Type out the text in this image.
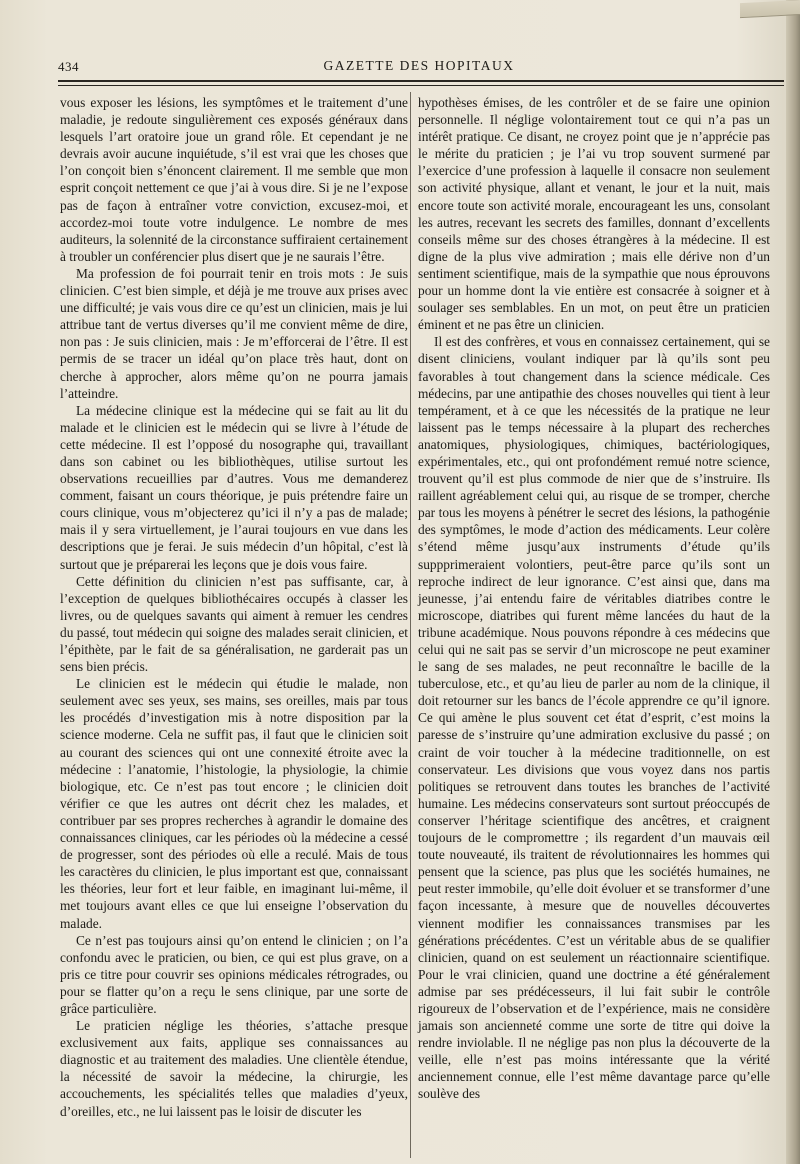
434	GAZETTE DES HOPITAUX

vous exposer les lésions, les symptômes et le traitement d’une maladie, je redoute singulièrement ces exposés généraux dans lesquels l’art oratoire joue un grand rôle. Et cependant je ne devrais avoir aucune inquiétude, s’il est vrai que les choses que l’on conçoit bien s’énoncent clairement. Il me semble que mon esprit conçoit nettement ce que j’ai à vous dire. Si je ne l’expose pas de façon à entraîner votre conviction, excusez-moi, et accordez-moi toute votre indulgence. Le nombre de mes auditeurs, la solennité de la circonstance suffiraient certainement à troubler un conférencier plus disert que je ne saurais l’être.

Ma profession de foi pourrait tenir en trois mots : Je suis clinicien. C’est bien simple, et déjà je me trouve aux prises avec une difficulté; je vais vous dire ce qu’est un clinicien, mais je lui attribue tant de vertus diverses qu’il me convient même de dire, non pas : Je suis clinicien, mais : Je m’efforcerai de l’être. Il est permis de se tracer un idéal qu’on place très haut, dont on cherche à approcher, alors même qu’on ne pourra jamais l’atteindre.

La médecine clinique est la médecine qui se fait au lit du malade et le clinicien est le médecin qui se livre à l’étude de cette médecine. Il est l’opposé du nosographe qui, travaillant dans son cabinet ou les bibliothèques, utilise surtout les observations recueillies par d’autres. Vous me demanderez comment, faisant un cours théorique, je puis prétendre faire un cours clinique, vous m’objecterez qu’ici il n’y a pas de malade; mais il y sera virtuellement, je l’aurai toujours en vue dans les descriptions que je ferai. Je suis médecin d’un hôpital, c’est là surtout que je préparerai les leçons que je dois vous faire.

Cette définition du clinicien n’est pas suffisante, car, à l’exception de quelques bibliothécaires occupés à classer les livres, ou de quelques savants qui aiment à remuer les cendres du passé, tout médecin qui soigne des malades serait clinicien, et l’épithète, par le fait de sa généralisation, ne garderait pas un sens bien précis.

Le clinicien est le médecin qui étudie le malade, non seulement avec ses yeux, ses mains, ses oreilles, mais par tous les procédés d’investigation mis à notre disposition par la science moderne. Cela ne suffit pas, il faut que le clinicien soit au courant des sciences qui ont une connexité étroite avec la médecine : l’anatomie, l’histologie, la physiologie, la chimie biologique, etc. Ce n’est pas tout encore ; le clinicien doit vérifier ce que les autres ont décrit chez les malades, et contribuer par ses propres recherches à agrandir le domaine des connaissances cliniques, car les périodes où la médecine a cessé de progresser, sont des périodes où elle a reculé. Mais de tous les caractères du clinicien, le plus important est que, connaissant les théories, leur fort et leur faible, en imaginant lui-même, il met toujours avant elles ce que lui enseigne l’observation du malade.

Ce n’est pas toujours ainsi qu’on entend le clinicien ; on l’a confondu avec le praticien, ou bien, ce qui est plus grave, on a pris ce titre pour couvrir ses opinions médicales rétrogrades, ou pour se flatter qu’on a reçu le sens clinique, par une sorte de grâce particulière.

Le praticien néglige les théories, s’attache presque exclusivement aux faits, applique ses connaissances au diagnostic et au traitement des maladies. Une clientèle étendue, la nécessité de savoir la médecine, la chirurgie, les accouchements, les spécialités telles que maladies d’yeux, d’oreilles, etc., ne lui laissent pas le loisir de discuter les

hypothèses émises, de les contrôler et de se faire une opinion personnelle. Il néglige volontairement tout ce qui n’a pas un intérêt pratique. Ce disant, ne croyez point que je n’apprécie pas le mérite du praticien ; je l’ai vu trop souvent surmené par l’exercice d’une profession à laquelle il consacre non seulement son activité physique, allant et venant, le jour et la nuit, mais encore toute son activité morale, encourageant les uns, consolant les autres, recevant les secrets des familles, donnant d’excellents conseils même sur des choses étrangères à la médecine. Il est digne de la plus vive admiration ; mais elle dérive non d’un sentiment scientifique, mais de la sympathie que nous éprouvons pour un homme dont la vie entière est consacrée à soigner et à soulager ses semblables. En un mot, on peut être un praticien éminent et ne pas être un clinicien.

Il est des confrères, et vous en connaissez certainement, qui se disent cliniciens, voulant indiquer par là qu’ils sont peu favorables à tout changement dans la science médicale. Ces médecins, par une antipathie des choses nouvelles qui tient à leur tempérament, et à ce que les nécessités de la pratique ne leur laissent pas le temps nécessaire à la plupart des recherches anatomiques, physiologiques, chimiques, bactériologiques, expérimentales, etc., qui ont profondément remué notre science, trouvent qu’il est plus commode de nier que de s’instruire. Ils raillent agréablement celui qui, au risque de se tromper, cherche par tous les moyens à pénétrer le secret des lésions, la pathogénie des symptômes, le mode d’action des médicaments. Leur colère s’étend même jusqu’aux instruments d’étude qu’ils suppprimeraient volontiers, peut-être parce qu’ils sont un reproche indirect de leur ignorance. C’est ainsi que, dans ma jeunesse, j’ai entendu faire de véritables diatribes contre le microscope, diatribes qui furent même lancées du haut de la tribune académique. Nous pouvons répondre à ces médecins que celui qui ne sait pas se servir d’un microscope ne peut examiner le sang de ses malades, ne peut reconnaître le bacille de la tuberculose, etc., et qu’au lieu de parler au nom de la clinique, il doit retourner sur les bancs de l’école apprendre ce qu’il ignore. Ce qui amène le plus souvent cet état d’esprit, c’est moins la paresse de s’instruire qu’une admiration exclusive du passé ; on craint de voir toucher à la médecine traditionnelle, on est conservateur. Les divisions que vous voyez dans nos partis politiques se retrouvent dans toutes les branches de l’activité humaine. Les médecins conservateurs sont surtout préoccupés de conserver l’héritage scientifique des ancêtres, et craignent toujours de le compromettre ; ils regardent d’un mauvais œil toute nouveauté, ils traitent de révolutionnaires les hommes qui pensent que la science, pas plus que les sociétés humaines, ne peut rester immobile, qu’elle doit évoluer et se transformer d’une façon incessante, à mesure que de nouvelles découvertes viennent modifier les connaissances transmises par les générations précédentes. C’est un véritable abus de se qualifier clinicien, quand on est seulement un réactionnaire scientifique. Pour le vrai clinicien, quand une doctrine a été généralement admise par ses prédécesseurs, il lui fait subir le contrôle rigoureux de l’observation et de l’expérience, mais ne considère jamais son ancienneté comme une sorte de titre qui doive la rendre inviolable. Il ne néglige pas non plus la découverte de la veille, elle n’est pas moins intéressante que la vérité anciennement connue, elle l’est même davantage parce qu’elle soulève des
